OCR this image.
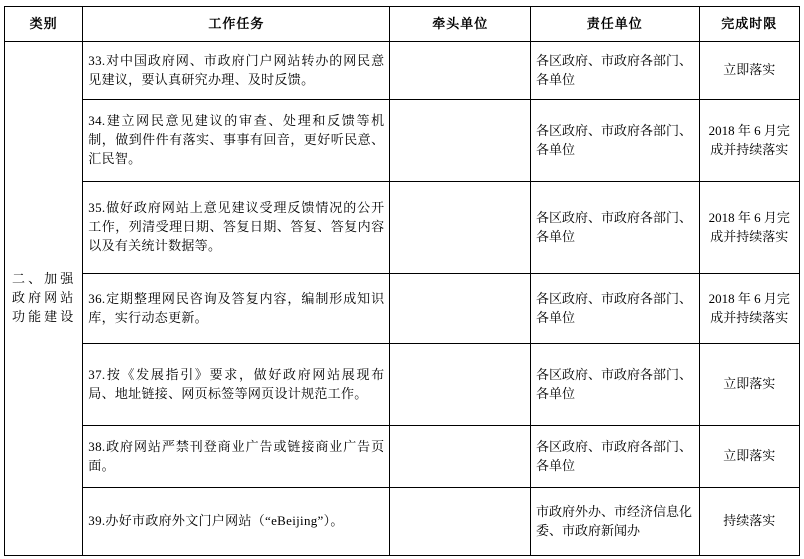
类别	工作任务	牵头单位	责任单位	完成时限

二、加强政府网站功能建设	33.对中国政府网、市政府门户网站转办的网民意见建议，要认真研究办理、及时反馈。		各区政府、市政府各部门、各单位	立即落实
	34.建立网民意见建议的审查、处理和反馈等机制，做到件件有落实、事事有回音，更好听民意、汇民智。		各区政府、市政府各部门、各单位	2018 年 6 月完成并持续落实
	35.做好政府网站上意见建议受理反馈情况的公开工作，列清受理日期、答复日期、答复、答复内容以及有关统计数据等。		各区政府、市政府各部门、各单位	2018 年 6 月完成并持续落实
	36.定期整理网民咨询及答复内容，编制形成知识库，实行动态更新。		各区政府、市政府各部门、各单位	2018 年 6 月完成并持续落实
	37.按《发展指引》要求，做好政府网站展现布局、地址链接、网页标签等网页设计规范工作。		各区政府、市政府各部门、各单位	立即落实
	38.政府网站严禁刊登商业广告或链接商业广告页面。		各区政府、市政府各部门、各单位	立即落实
	39.办好市政府外文门户网站（“eBeijing”）。		市政府外办、市经济信息化委、市政府新闻办	持续落实
